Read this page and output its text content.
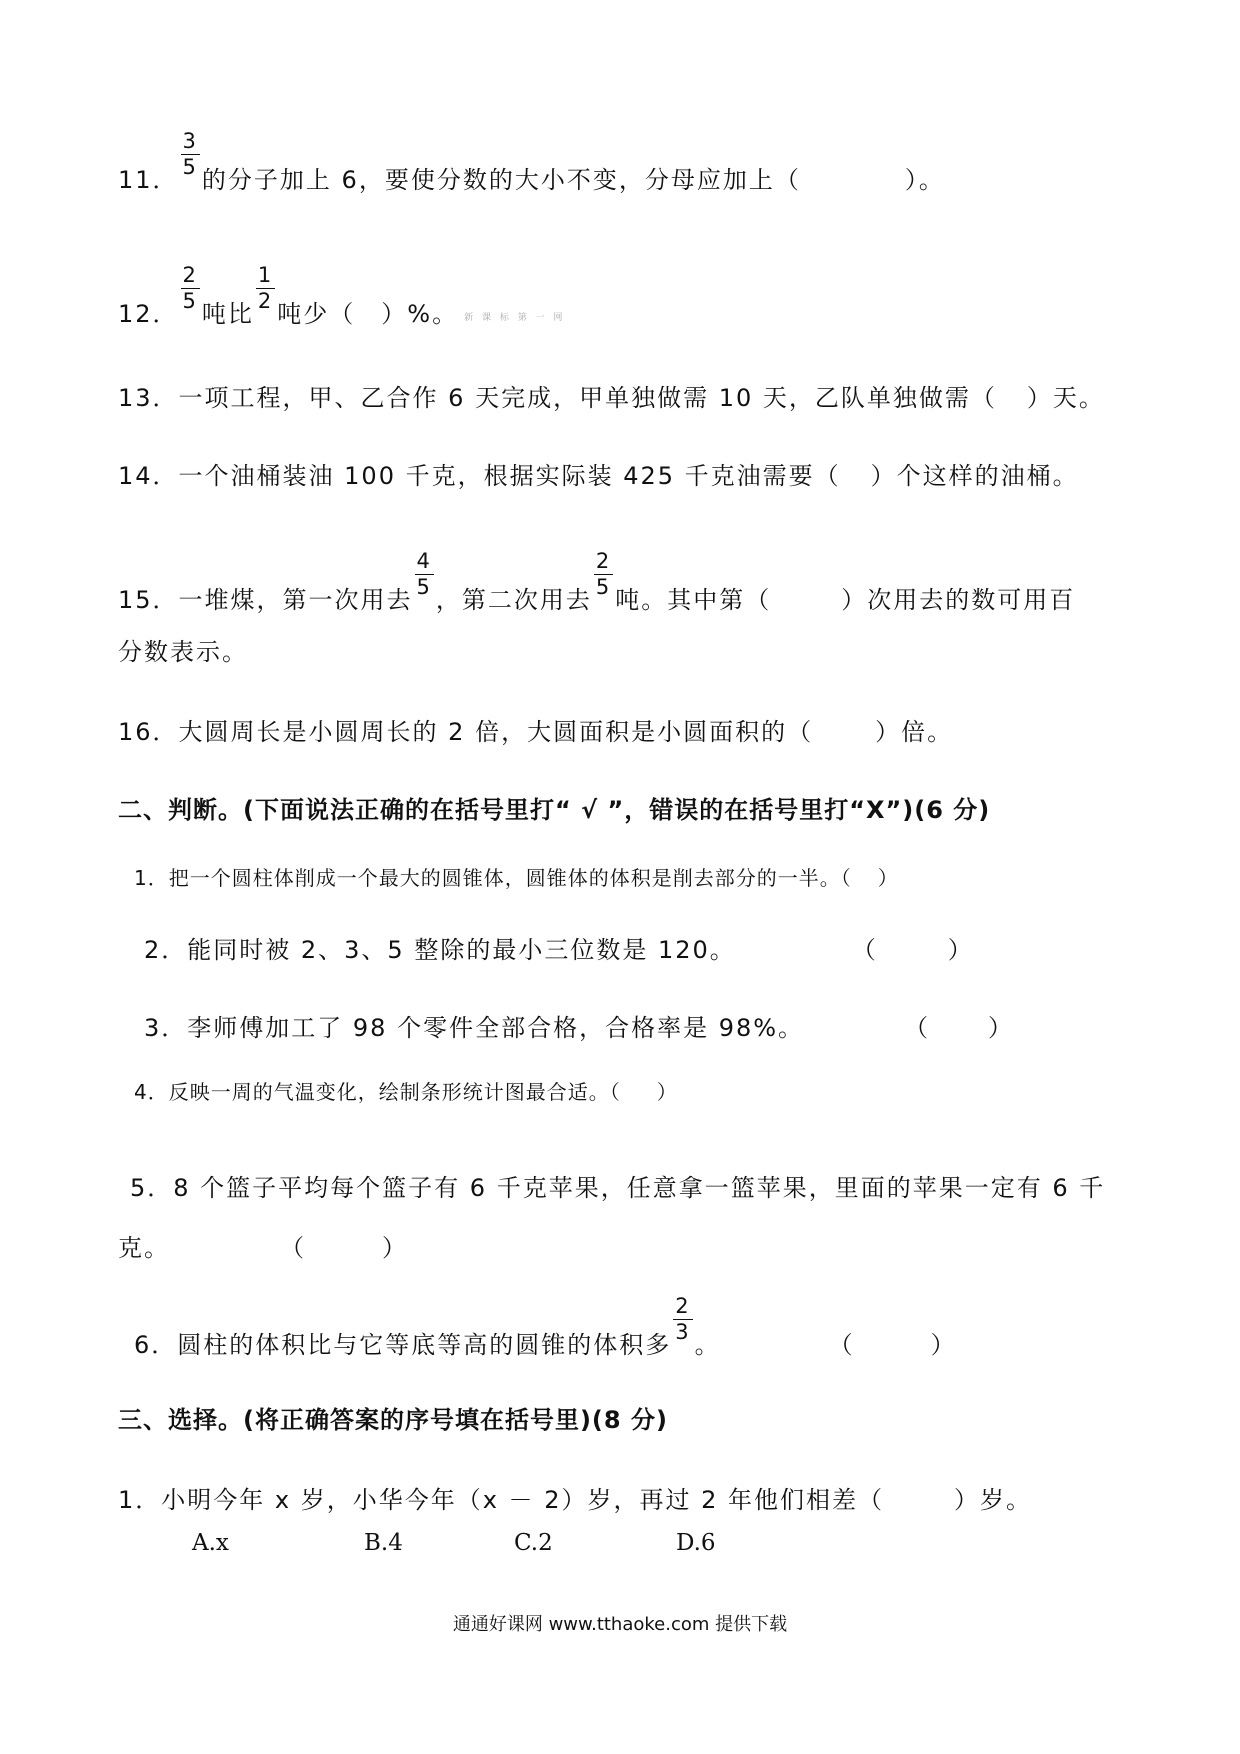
11．
$\frac{3}{5}$
的分子加上 6，要使分数的大小不变，分母应加上（	）。
12．
$\frac{2}{5}$
吨比
$\frac{1}{2}$
吨少（ ）%。 新 课 标 第 一 网
13．一项工程，甲、乙合作 6 天完成，甲单独做需 10 天，乙队单独做需（ ）天。
14．一个油桶装油 100 千克，根据实际装 425 千克油需要（ ）个这样的油桶。
15．一堆煤，第一次用去
$\frac{4}{5}$
，第二次用去
$\frac{2}{5}$
吨。其中第（	）次用去的数可用百
分数表示。
16．大圆周长是小圆周长的 2 倍，大圆面积是小圆面积的（	）倍。
二、判断。(下面说法正确的在括号里打“ √ ”，错误的在括号里打“X”)(6 分)
1．把一个圆柱体削成一个最大的圆锥体，圆锥体的体积是削去部分的一半。（ ）
2．能同时被 2、3、5 整除的最小三位数是 120。	（	）
3．李师傅加工了 98 个零件全部合格，合格率是 98%。	（ ）
4．反映一周的气温变化，绘制条形统计图最合适。（ ）
5．8 个篮子平均每个篮子有 6 千克苹果，任意拿一篮苹果，里面的苹果一定有 6 千
克。	（	）
6．圆柱的体积比与它等底等高的圆锥的体积多
$\frac{2}{3}$
。	（	）
三、选择。(将正确答案的序号填在括号里)(8 分)
1．小明今年 x 岁，小华今年（x － 2）岁，再过 2 年他们相差（	）岁。
A.x	B.4	C.2	D.6
通通好课网 www.tthaoke.com 提供下载
